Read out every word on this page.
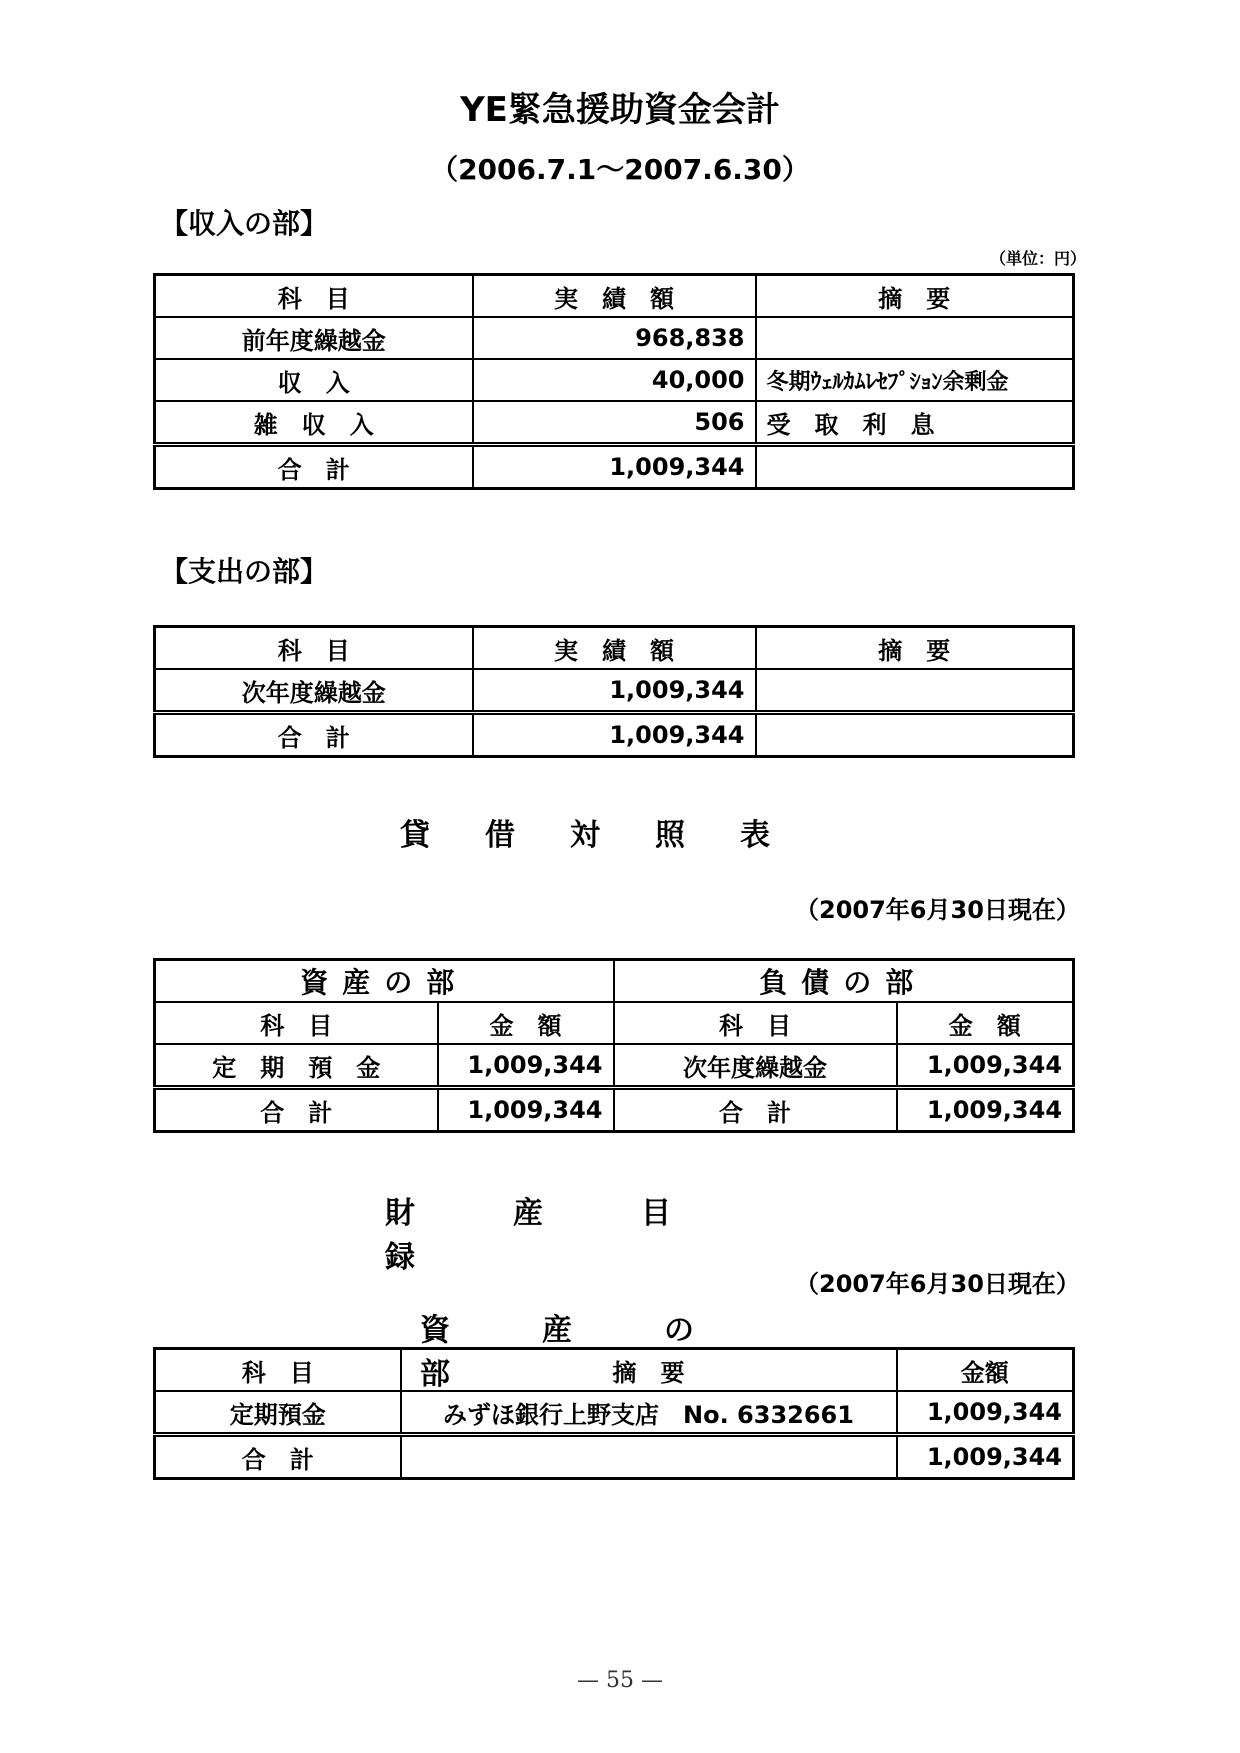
YE緊急援助資金会計
（2006.7.1〜2007.6.30）
【収入の部】
（単位：円）
科　目	実　績　額	摘　要
前年度繰越金	968,838	
収　入	40,000	冬期ｳｪﾙｶﾑﾚｾﾌﾟｼｮﾝ余剰金
雑　収　入	506	受　取　利　息
合　計	1,009,344	
【支出の部】
科　目	実　績　額	摘　要
次年度繰越金	1,009,344	
合　計	1,009,344	
貸借対照表
（2007年6月30日現在）
資産の部		負債の部	
科　目	金　額	科　目	金　額
定　期　預　金	1,009,344	次年度繰越金	1,009,344
合　計	1,009,344	合　計	1,009,344
財産目録
（2007年6月30日現在）
資産の部
科　目	摘　要	金額
定期預金	みずほ銀行上野支店　No. 6332661	1,009,344
合　計		1,009,344
— 55 —
